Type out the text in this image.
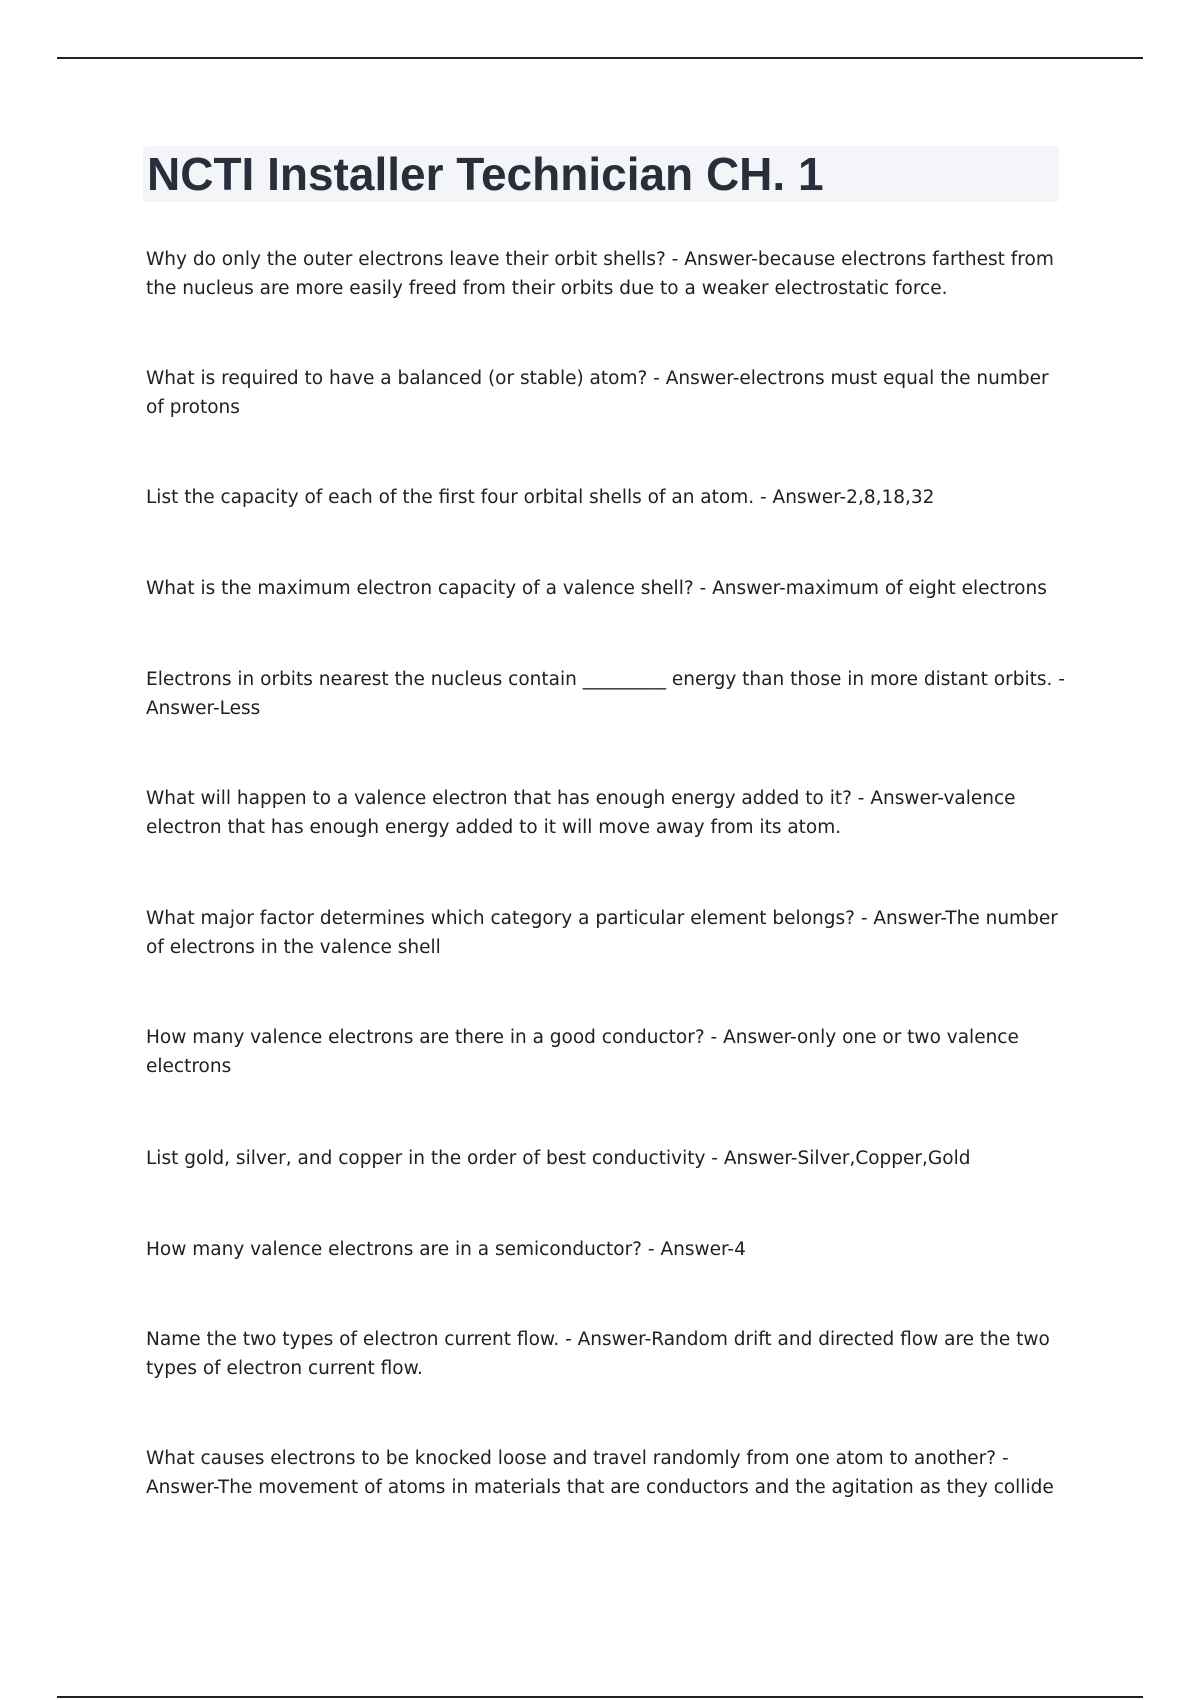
NCTI Installer Technician CH. 1

Why do only the outer electrons leave their orbit shells? - Answer-because electrons farthest from the nucleus are more easily freed from their orbits due to a weaker electrostatic force.

What is required to have a balanced (or stable) atom? - Answer-electrons must equal the number of protons

List the capacity of each of the first four orbital shells of an atom. - Answer-2,8,18,32

What is the maximum electron capacity of a valence shell? - Answer-maximum of eight electrons

Electrons in orbits nearest the nucleus contain _________ energy than those in more distant orbits. - Answer-Less

What will happen to a valence electron that has enough energy added to it? - Answer-valence electron that has enough energy added to it will move away from its atom.

What major factor determines which category a particular element belongs? - Answer-The number of electrons in the valence shell

How many valence electrons are there in a good conductor? - Answer-only one or two valence electrons

List gold, silver, and copper in the order of best conductivity - Answer-Silver,Copper,Gold

How many valence electrons are in a semiconductor? - Answer-4

Name the two types of electron current flow. - Answer-Random drift and directed flow are the two types of electron current flow.

What causes electrons to be knocked loose and travel randomly from one atom to another? - Answer-The movement of atoms in materials that are conductors and the agitation as they collide
